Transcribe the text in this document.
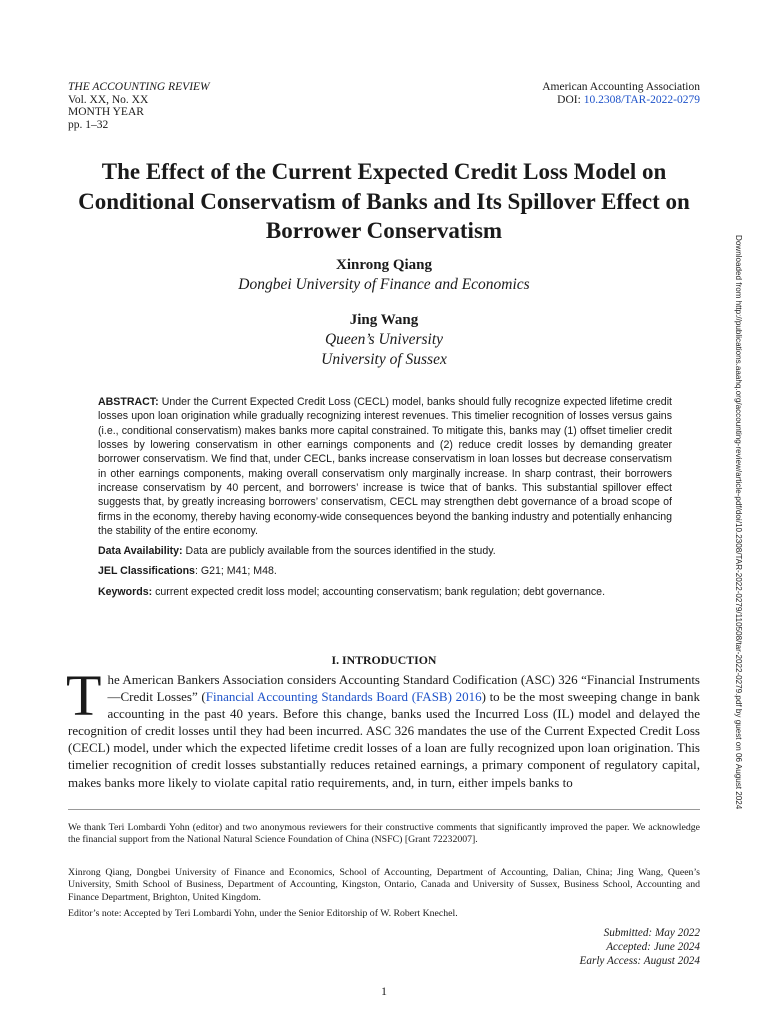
THE ACCOUNTING REVIEW
Vol. XX, No. XX
MONTH YEAR
pp. 1–32
American Accounting Association
DOI: 10.2308/TAR-2022-0279
The Effect of the Current Expected Credit Loss Model on Conditional Conservatism of Banks and Its Spillover Effect on Borrower Conservatism
Xinrong Qiang
Dongbei University of Finance and Economics
Jing Wang
Queen’s University
University of Sussex
ABSTRACT: Under the Current Expected Credit Loss (CECL) model, banks should fully recognize expected lifetime credit losses upon loan origination while gradually recognizing interest revenues. This timelier recognition of losses versus gains (i.e., conditional conservatism) makes banks more capital constrained. To mitigate this, banks may (1) offset timelier credit losses by lowering conservatism in other earnings components and (2) reduce credit losses by demanding greater borrower conservatism. We find that, under CECL, banks increase conservatism in loan losses but decrease conservatism in other earnings components, making overall conservatism only marginally increase. In sharp contrast, their borrowers increase conservatism by 40 percent, and borrowers’ increase is twice that of banks. This substantial spillover effect suggests that, by greatly increasing borrowers’ conservatism, CECL may strengthen debt governance of a broad scope of firms in the economy, thereby having economy-wide consequences beyond the banking industry and potentially enhancing the stability of the entire economy.
Data Availability: Data are publicly available from the sources identified in the study.
JEL Classifications: G21; M41; M48.
Keywords: current expected credit loss model; accounting conservatism; bank regulation; debt governance.
I. INTRODUCTION
The American Bankers Association considers Accounting Standard Codification (ASC) 326 “Financial Instruments—Credit Losses” (Financial Accounting Standards Board (FASB) 2016) to be the most sweeping change in bank accounting in the past 40 years. Before this change, banks used the Incurred Loss (IL) model and delayed the recognition of credit losses until they had been incurred. ASC 326 mandates the use of the Current Expected Credit Loss (CECL) model, under which the expected lifetime credit losses of a loan are fully recognized upon loan origination. This timelier recognition of credit losses substantially reduces retained earnings, a primary component of regulatory capital, makes banks more likely to violate capital ratio requirements, and, in turn, either impels banks to
We thank Teri Lombardi Yohn (editor) and two anonymous reviewers for their constructive comments that significantly improved the paper. We acknowledge the financial support from the National Natural Science Foundation of China (NSFC) [Grant 72232007].
Xinrong Qiang, Dongbei University of Finance and Economics, School of Accounting, Department of Accounting, Dalian, China; Jing Wang, Queen’s University, Smith School of Business, Department of Accounting, Kingston, Ontario, Canada and University of Sussex, Business School, Accounting and Finance Department, Brighton, United Kingdom.
Editor’s note: Accepted by Teri Lombardi Yohn, under the Senior Editorship of W. Robert Knechel.
Submitted: May 2022
Accepted: June 2024
Early Access: August 2024
1
Downloaded from http://publications.aaahq.org/accounting-review/article-pdf/doi/10.2308/TAR-2022-0279/110508/tar-2022-0279.pdf by guest on 06 August 2024
